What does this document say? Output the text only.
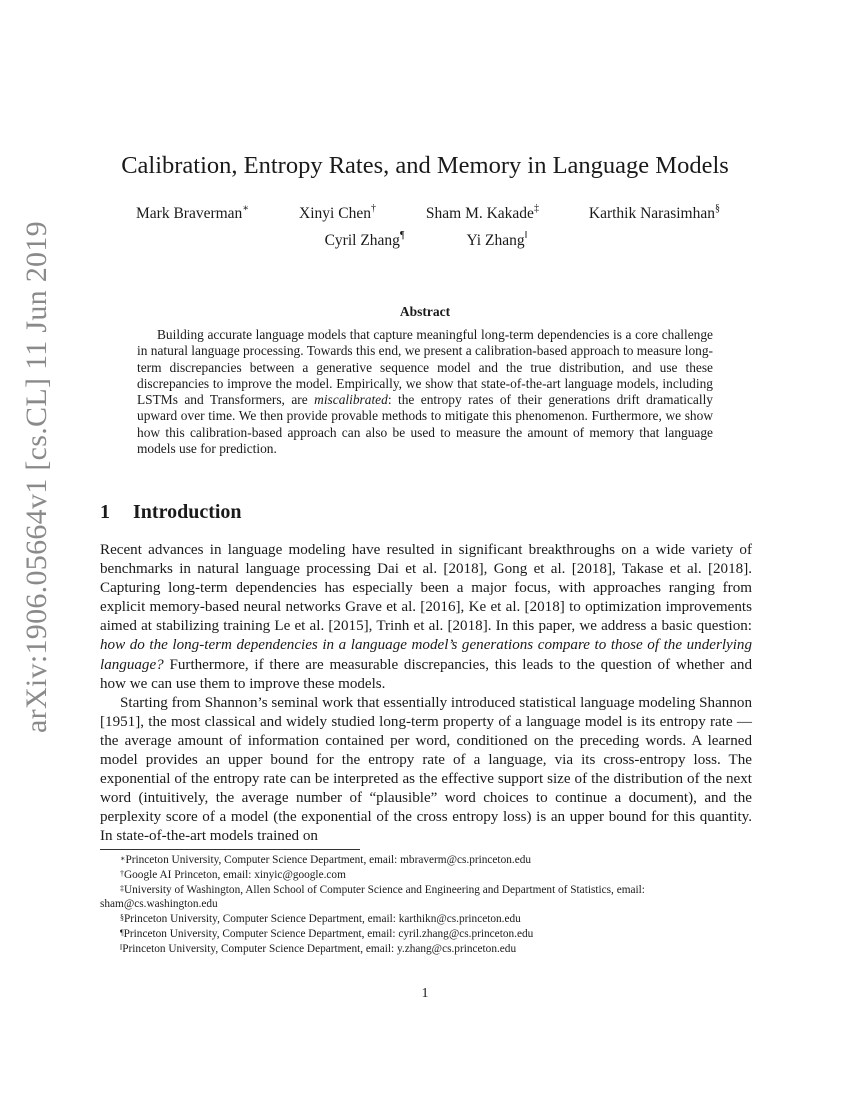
arXiv:1906.05664v1 [cs.CL] 11 Jun 2019
Calibration, Entropy Rates, and Memory in Language Models
Mark Braverman∗	Xinyi Chen†	Sham M. Kakade‡	Karthik Narasimhan§
Cyril Zhang¶	Yi Zhang‖
Abstract

Building accurate language models that capture meaningful long-term dependencies is a core challenge in natural language processing. Towards this end, we present a calibration-based approach to measure long-term discrepancies between a generative sequence model and the true distribution, and use these discrepancies to improve the model. Empirically, we show that state-of-the-art language models, including LSTMs and Transformers, are miscalibrated: the entropy rates of their generations drift dramatically upward over time. We then provide provable methods to mitigate this phenomenon. Furthermore, we show how this calibration-based approach can also be used to measure the amount of memory that language models use for prediction.

1 Introduction

Recent advances in language modeling have resulted in significant breakthroughs on a wide variety of benchmarks in natural language processing Dai et al. [2018], Gong et al. [2018], Takase et al. [2018]. Capturing long-term dependencies has especially been a major focus, with approaches ranging from explicit memory-based neural networks Grave et al. [2016], Ke et al. [2018] to optimization improvements aimed at stabilizing training Le et al. [2015], Trinh et al. [2018]. In this paper, we address a basic question: how do the long-term dependencies in a language model’s generations compare to those of the underlying language? Furthermore, if there are measurable discrepancies, this leads to the question of whether and how we can use them to improve these models.

Starting from Shannon’s seminal work that essentially introduced statistical language modeling Shannon [1951], the most classical and widely studied long-term property of a language model is its entropy rate — the average amount of information contained per word, conditioned on the preceding words. A learned model provides an upper bound for the entropy rate of a language, via its cross-entropy loss. The exponential of the entropy rate can be interpreted as the effective support size of the distribution of the next word (intuitively, the average number of “plausible” word choices to continue a document), and the perplexity score of a model (the exponential of the cross entropy loss) is an upper bound for this quantity. In state-of-the-art models trained on

∗Princeton University, Computer Science Department, email: mbraverm@cs.princeton.edu

†Google AI Princeton, email: xinyic@google.com

‡University of Washington, Allen School of Computer Science and Engineering and Department of Statistics, email: sham@cs.washington.edu

§Princeton University, Computer Science Department, email: karthikn@cs.princeton.edu

¶Princeton University, Computer Science Department, email: cyril.zhang@cs.princeton.edu

‖Princeton University, Computer Science Department, email: y.zhang@cs.princeton.edu

1
